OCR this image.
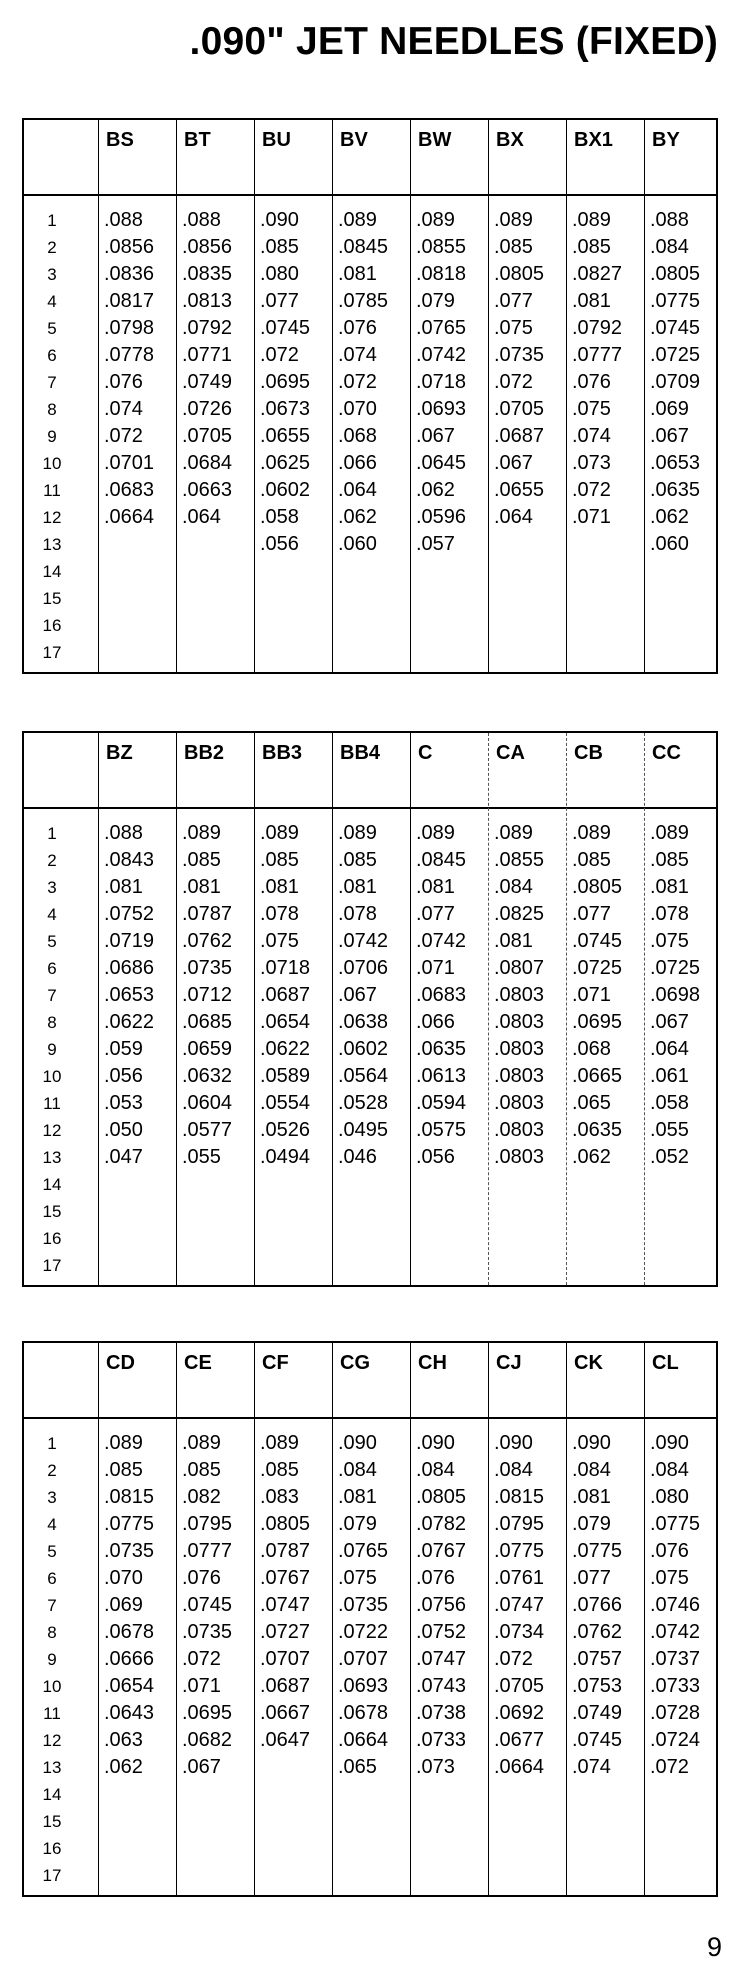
.090" JET NEEDLES (FIXED)
1
2
3
4
5
6
7
8
9
10
11
12
13
14
15
16
17
BS
.088
.0856
.0836
.0817
.0798
.0778
.076
.074
.072
.0701
.0683
.0664
BT
.088
.0856
.0835
.0813
.0792
.0771
.0749
.0726
.0705
.0684
.0663
.064
BU
.090
.085
.080
.077
.0745
.072
.0695
.0673
.0655
.0625
.0602
.058
.056
BV
.089
.0845
.081
.0785
.076
.074
.072
.070
.068
.066
.064
.062
.060
BW
.089
.0855
.0818
.079
.0765
.0742
.0718
.0693
.067
.0645
.062
.0596
.057
BX
.089
.085
.0805
.077
.075
.0735
.072
.0705
.0687
.067
.0655
.064
BX1
.089
.085
.0827
.081
.0792
.0777
.076
.075
.074
.073
.072
.071
BY
.088
.084
.0805
.0775
.0745
.0725
.0709
.069
.067
.0653
.0635
.062
.060
1
2
3
4
5
6
7
8
9
10
11
12
13
14
15
16
17
BZ
.088
.0843
.081
.0752
.0719
.0686
.0653
.0622
.059
.056
.053
.050
.047
BB2
.089
.085
.081
.0787
.0762
.0735
.0712
.0685
.0659
.0632
.0604
.0577
.055
BB3
.089
.085
.081
.078
.075
.0718
.0687
.0654
.0622
.0589
.0554
.0526
.0494
BB4
.089
.085
.081
.078
.0742
.0706
.067
.0638
.0602
.0564
.0528
.0495
.046
C
.089
.0845
.081
.077
.0742
.071
.0683
.066
.0635
.0613
.0594
.0575
.056
CA
.089
.0855
.084
.0825
.081
.0807
.0803
.0803
.0803
.0803
.0803
.0803
.0803
CB
.089
.085
.0805
.077
.0745
.0725
.071
.0695
.068
.0665
.065
.0635
.062
CC
.089
.085
.081
.078
.075
.0725
.0698
.067
.064
.061
.058
.055
.052
1
2
3
4
5
6
7
8
9
10
11
12
13
14
15
16
17
CD
.089
.085
.0815
.0775
.0735
.070
.069
.0678
.0666
.0654
.0643
.063
.062
CE
.089
.085
.082
.0795
.0777
.076
.0745
.0735
.072
.071
.0695
.0682
.067
CF
.089
.085
.083
.0805
.0787
.0767
.0747
.0727
.0707
.0687
.0667
.0647
CG
.090
.084
.081
.079
.0765
.075
.0735
.0722
.0707
.0693
.0678
.0664
.065
CH
.090
.084
.0805
.0782
.0767
.076
.0756
.0752
.0747
.0743
.0738
.0733
.073
CJ
.090
.084
.0815
.0795
.0775
.0761
.0747
.0734
.072
.0705
.0692
.0677
.0664
CK
.090
.084
.081
.079
.0775
.077
.0766
.0762
.0757
.0753
.0749
.0745
.074
CL
.090
.084
.080
.0775
.076
.075
.0746
.0742
.0737
.0733
.0728
.0724
.072
9
